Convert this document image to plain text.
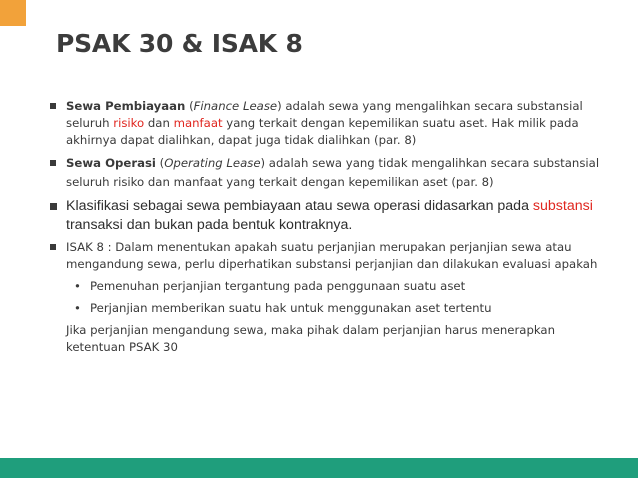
PSAK 30 & ISAK 8
Sewa Pembiayaan (Finance Lease) adalah sewa yang mengalihkan secara substansial seluruh risiko dan manfaat yang terkait dengan kepemilikan suatu aset. Hak milik pada akhirnya dapat dialihkan, dapat juga tidak dialihkan (par. 8)
Sewa Operasi (Operating Lease) adalah sewa yang tidak mengalihkan secara substansial seluruh risiko dan manfaat yang terkait dengan kepemilikan aset (par. 8)
Klasifikasi sebagai sewa pembiayaan atau sewa operasi didasarkan pada substansi transaksi dan bukan pada bentuk kontraknya.
ISAK 8 : Dalam menentukan apakah suatu perjanjian merupakan perjanjian sewa atau mengandung sewa, perlu diperhatikan substansi perjanjian dan dilakukan evaluasi apakah
• Pemenuhan perjanjian tergantung pada penggunaan suatu aset
• Perjanjian memberikan suatu hak untuk menggunakan aset tertentu
Jika perjanjian mengandung sewa, maka pihak dalam perjanjian harus menerapkan ketentuan PSAK 30
